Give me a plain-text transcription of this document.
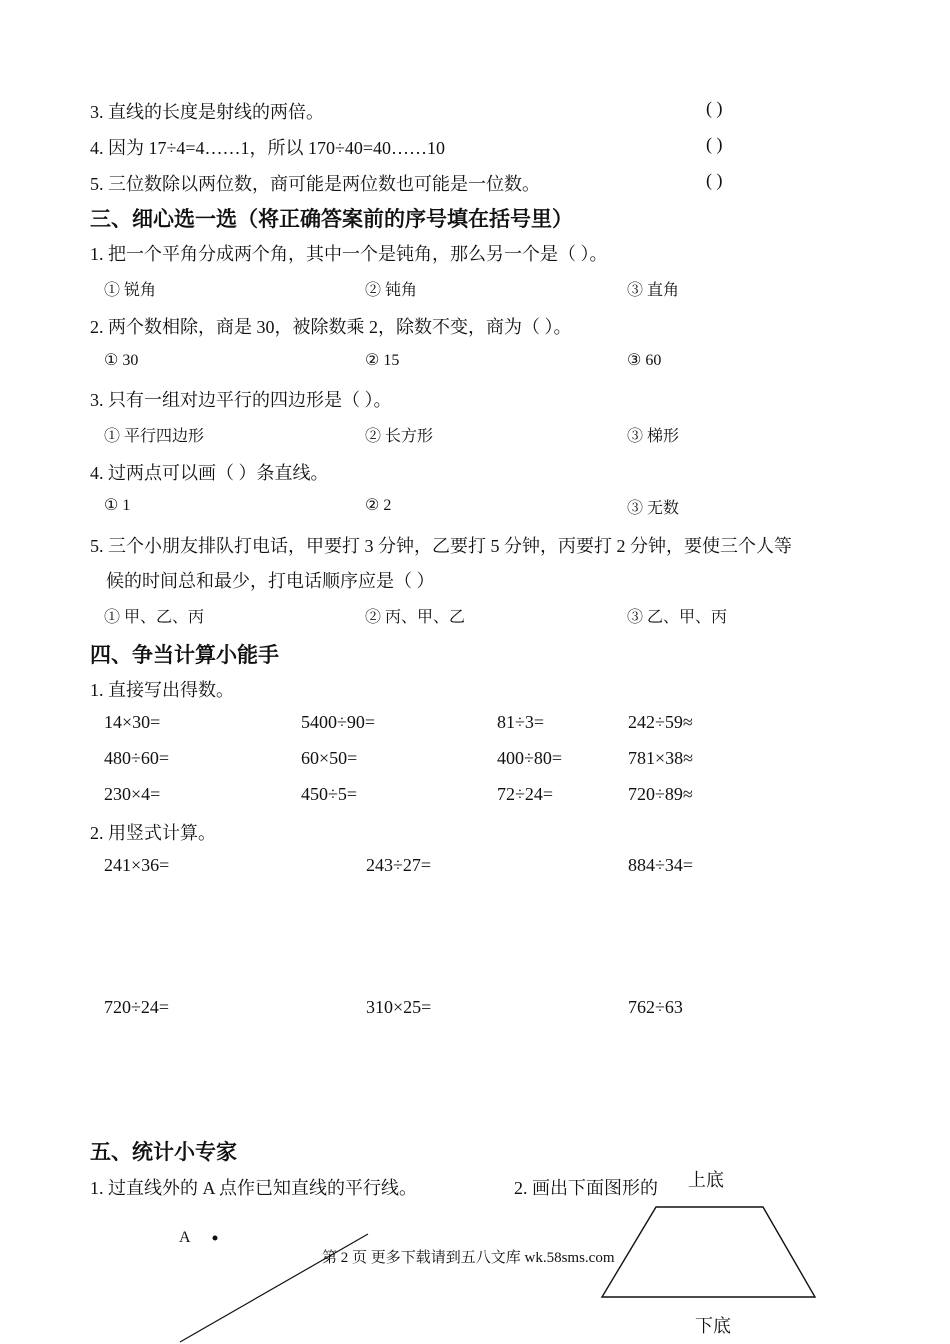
3. 直线的长度是射线的两倍。	( )
4. 因为 17÷4=4……1，所以 170÷40=40……10	( )
5. 三位数除以两位数，商可能是两位数也可能是一位数。	( )
三、细心选一选（将正确答案前的序号填在括号里）
1. 把一个平角分成两个角，其中一个是钝角，那么另一个是（ ）。
① 锐角	② 钝角	③ 直角
2. 两个数相除，商是 30，被除数乘 2，除数不变，商为（ ）。
① 30	② 15	③ 60
3. 只有一组对边平行的四边形是（ ）。
① 平行四边形	② 长方形	③ 梯形
4. 过两点可以画（ ）条直线。
① 1	② 2	③ 无数
5. 三个小朋友排队打电话，甲要打 3 分钟，乙要打 5 分钟，丙要打 2 分钟，要使三个人等
候的时间总和最少，打电话顺序应是（ ）
① 甲、乙、丙	② 丙、甲、乙	③ 乙、甲、丙
四、争当计算小能手
1. 直接写出得数。
14×30=	5400÷90=	81÷3=	242÷59≈
480÷60=	60×50=	400÷80=	781×38≈
230×4=	450÷5=	72÷24=	720÷89≈
2. 用竖式计算。
241×36=	243÷27=	884÷34=
720÷24=	310×25=	762÷63
五、统计小专家
1. 过直线外的 A 点作已知直线的平行线。	2. 画出下面图形的 上底
下底
A
第 2 页 更多下载请到五八文库 wk.58sms.com
